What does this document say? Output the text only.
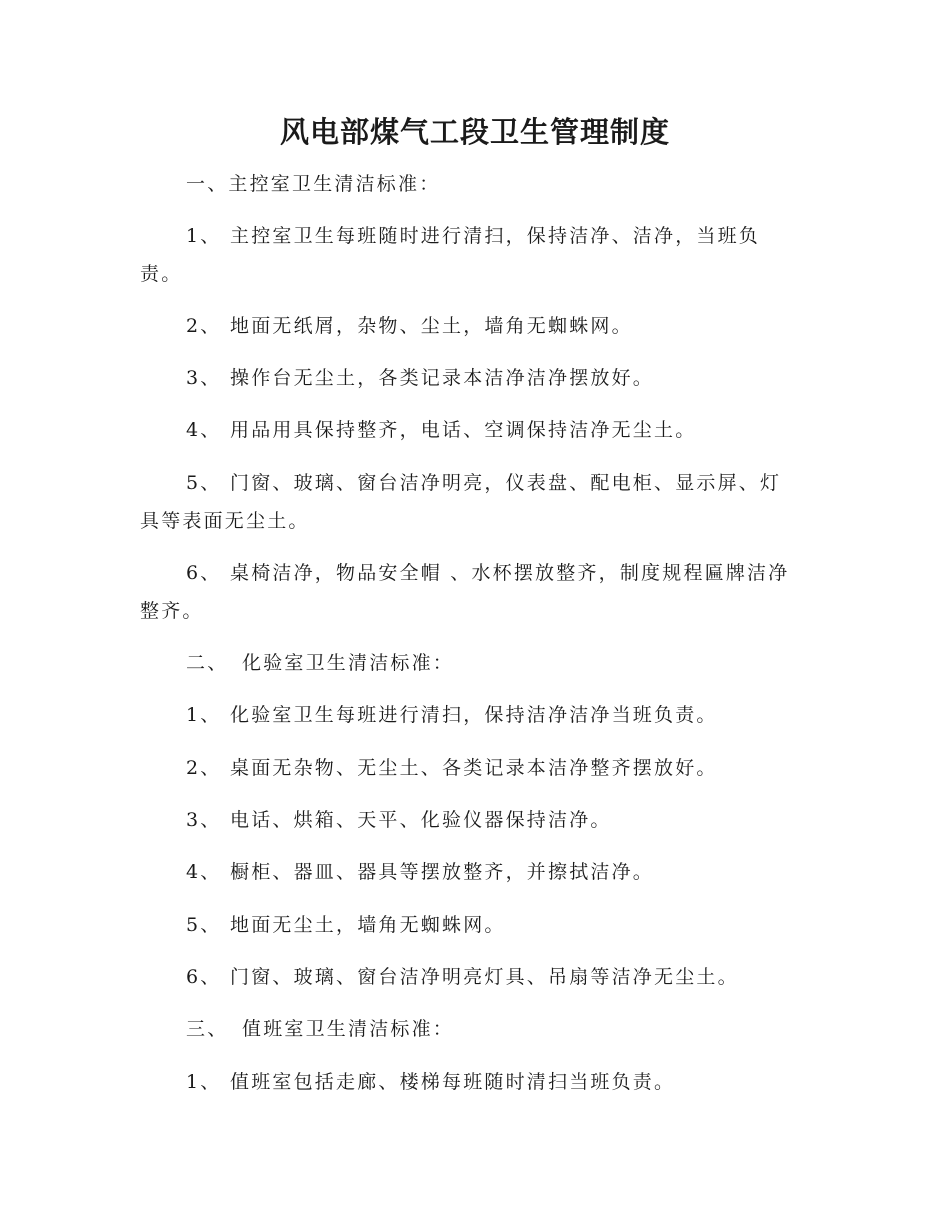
风电部煤气工段卫生管理制度
一、主控室卫生清洁标准：
1、 主控室卫生每班随时进行清扫，保持洁净、洁净，当班负
责。
2、 地面无纸屑，杂物、尘土，墙角无蜘蛛网。
3、 操作台无尘土，各类记录本洁净洁净摆放好。
4、 用品用具保持整齐，电话、空调保持洁净无尘土。
5、 门窗、玻璃、窗台洁净明亮，仪表盘、配电柜、显示屏、灯
具等表面无尘土。
6、 桌椅洁净，物品安全帽 、水杯摆放整齐，制度规程匾牌洁净
整齐。
二、 化验室卫生清洁标准：
1、 化验室卫生每班进行清扫，保持洁净洁净当班负责。
2、 桌面无杂物、无尘土、各类记录本洁净整齐摆放好。
3、 电话、烘箱、天平、化验仪器保持洁净。
4、 橱柜、器皿、器具等摆放整齐，并擦拭洁净。
5、 地面无尘土，墙角无蜘蛛网。
6、 门窗、玻璃、窗台洁净明亮灯具、吊扇等洁净无尘土。
三、 值班室卫生清洁标准：
1、 值班室包括走廊、楼梯每班随时清扫当班负责。
